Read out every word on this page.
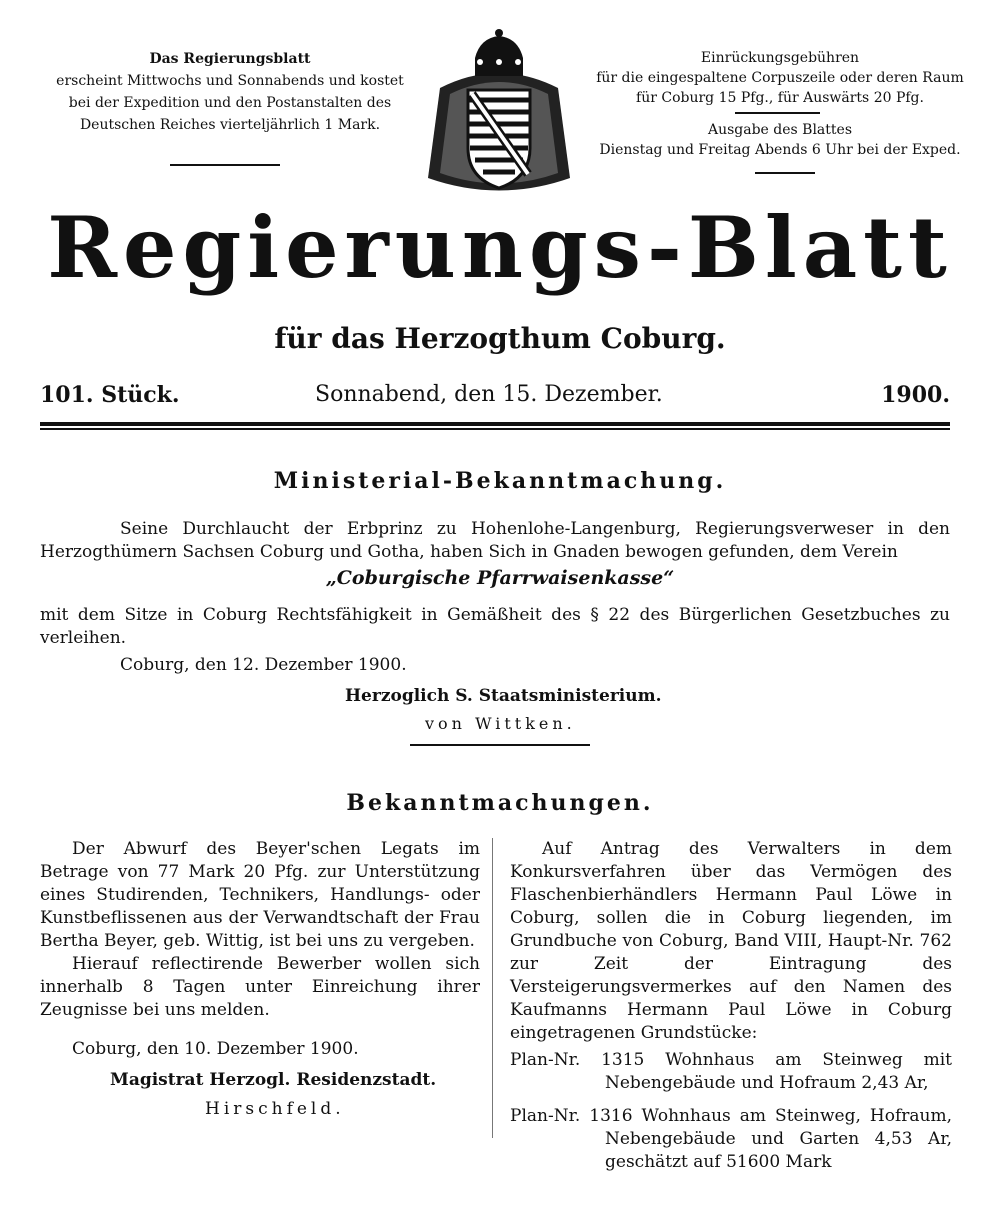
Das Regierungsblatt
erscheint Mittwochs und Sonnabends und kostet
bei der Expedition und den Postanstalten des
Deutschen Reiches vierteljährlich 1 Mark.
Einrückungsgebühren
für die eingespaltene Corpuszeile oder deren Raum
für Coburg 15 Pfg., für Auswärts 20 Pfg.
Ausgabe des Blattes
Dienstag und Freitag Abends 6 Uhr bei der Exped.
Regierungs-Blatt
für das Herzogthum Coburg.
101. Stück.	Sonnabend, den 15. Dezember.	1900.
Ministerial-Bekanntmachung.
Seine Durchlaucht der Erbprinz zu Hohenlohe-Langenburg, Regierungsverweser in den Herzogthümern Sachsen Coburg und Gotha, haben Sich in Gnaden bewogen gefunden, dem Verein
„Coburgische Pfarrwaisenkasse“
mit dem Sitze in Coburg Rechtsfähigkeit in Gemäßheit des § 22 des Bürgerlichen Gesetzbuches zu verleihen.
Coburg, den 12. Dezember 1900.
Herzoglich S. Staatsministerium.
von Wittken.
Bekanntmachungen.

Der Abwurf des Beyer'schen Legats im Betrage von 77 Mark 20 Pfg. zur Unterstützung eines Studirenden, Technikers, Handlungs- oder Kunstbeflissenen aus der Verwandtschaft der Frau Bertha Beyer, geb. Wittig, ist bei uns zu vergeben.

Hierauf reflectirende Bewerber wollen sich innerhalb 8 Tagen unter Einreichung ihrer Zeugnisse bei uns melden.

Coburg, den 10. Dezember 1900.

Magistrat Herzogl. Residenzstadt.

Hirschfeld.

Auf Antrag des Verwalters in dem Konkursverfahren über das Vermögen des Flaschenbierhändlers Hermann Paul Löwe in Coburg, sollen die in Coburg liegenden, im Grundbuche von Coburg, Band VIII, Haupt-Nr. 762 zur Zeit der Eintragung des Versteigerungsvermerkes auf den Namen des Kaufmanns Hermann Paul Löwe in Coburg eingetragenen Grundstücke:

Plan-Nr. 1315 Wohnhaus am Steinweg mit Nebengebäude und Hofraum 2,43 Ar,

Plan-Nr. 1316 Wohnhaus am Steinweg, Hofraum, Nebengebäude und Garten 4,53 Ar, geschätzt auf 51600 Mark
